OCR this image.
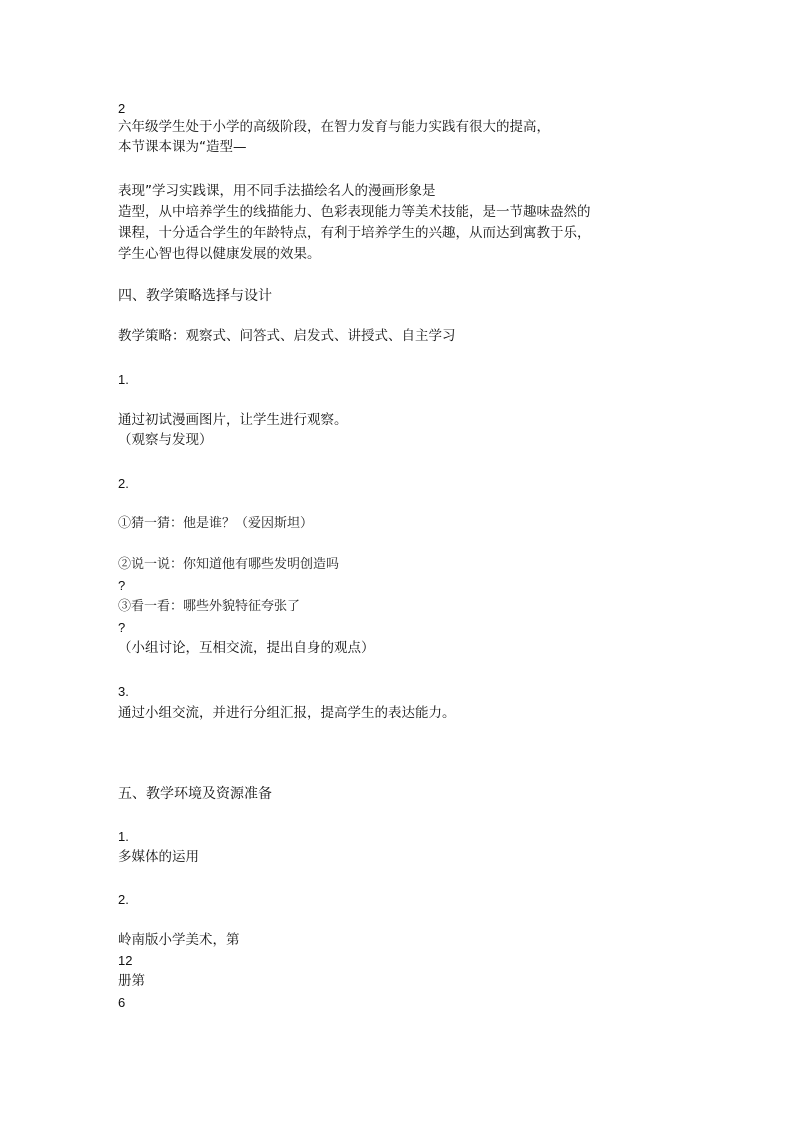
2
六年级学生处于小学的高级阶段，在智力发育与能力实践有很大的提高，
本节课本课为“造型—
表现”学习实践课，用不同手法描绘名人的漫画形象是
造型，从中培养学生的线描能力、色彩表现能力等美术技能，是一节趣味盎然的
课程，十分适合学生的年龄特点，有利于培养学生的兴趣，从而达到寓教于乐，
学生心智也得以健康发展的效果。
四、教学策略选择与设计
教学策略：观察式、问答式、启发式、讲授式、自主学习
1.
通过初试漫画图片，让学生进行观察。
（观察与发现）
2.
①猜一猜：他是谁？（爱因斯坦）
②说一说：你知道他有哪些发明创造吗
?
③看一看：哪些外貌特征夸张了
?
（小组讨论，互相交流，提出自身的观点）
3.
通过小组交流，并进行分组汇报，提高学生的表达能力。
五、教学环境及资源准备
1.
多媒体的运用
2.
岭南版小学美术，第
12
册第
6
